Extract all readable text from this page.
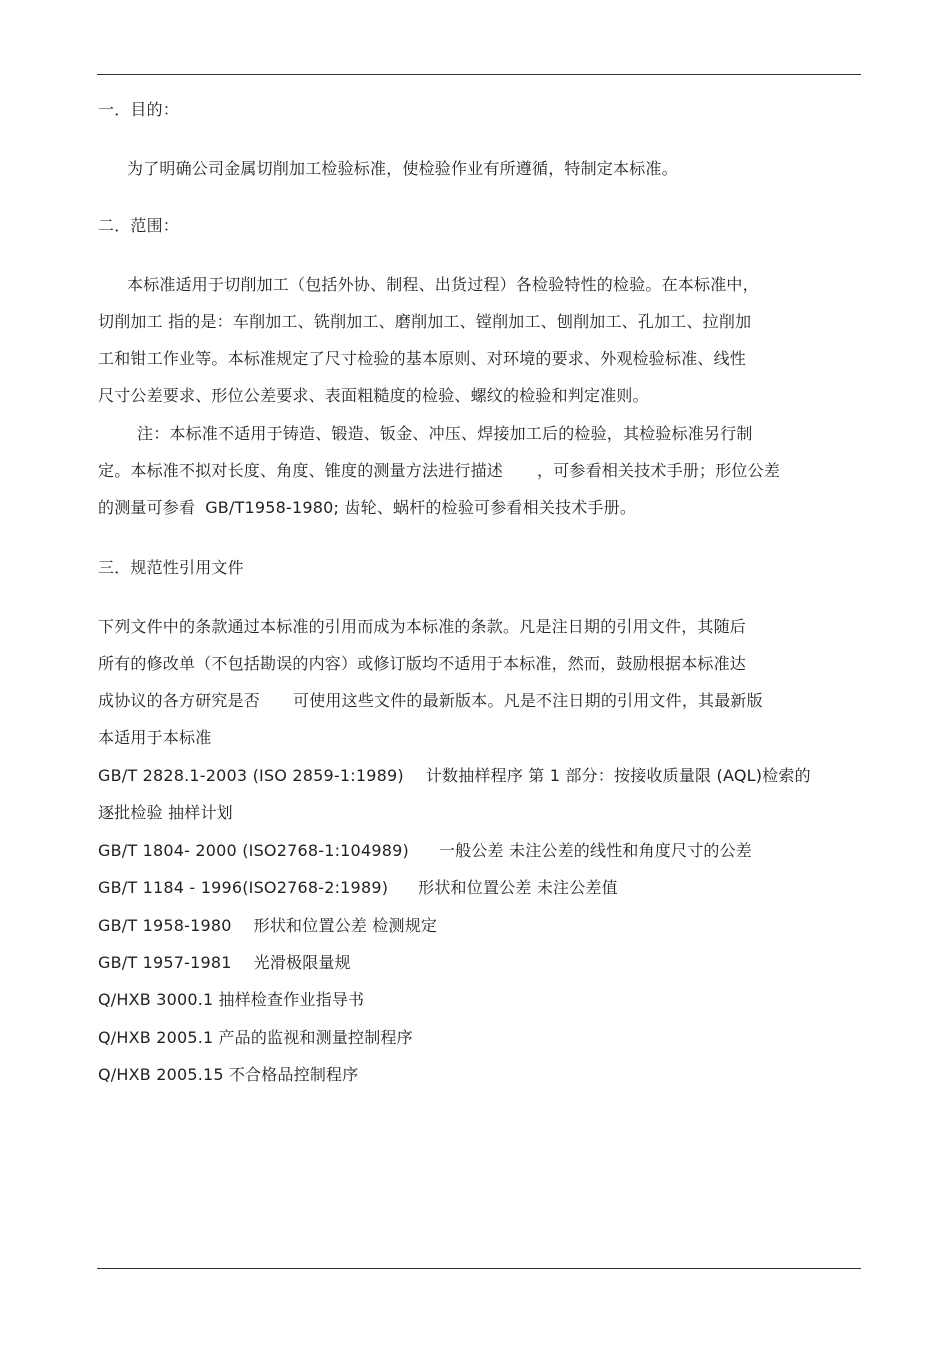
一．目的：
为了明确公司金属切削加工检验标准，使检验作业有所遵循，特制定本标准。
二．范围：
本标准适用于切削加工（包括外协、制程、出货过程）各检验特性的检验。在本标准中，
切削加工 指的是：车削加工、铣削加工、磨削加工、镗削加工、刨削加工、孔加工、拉削加
工和钳工作业等。本标准规定了尺寸检验的基本原则、对环境的要求、外观检验标准、线性
尺寸公差要求、形位公差要求、表面粗糙度的检验、螺纹的检验和判定准则。
注：本标准不适用于铸造、锻造、钣金、冲压、焊接加工后的检验，其检验标准另行制
定。本标准不拟对长度、角度、锥度的测量方法进行描述 ，可参看相关技术手册；形位公差
的测量可参看 GB/T1958-1980; 齿轮、蜗杆的检验可参看相关技术手册。
三．规范性引用文件
下列文件中的条款通过本标准的引用而成为本标准的条款。凡是注日期的引用文件，其随后
所有的修改单（不包括勘误的内容）或修订版均不适用于本标准，然而，鼓励根据本标准达
成协议的各方研究是否 可使用这些文件的最新版本。凡是不注日期的引用文件，其最新版
本适用于本标准
GB/T 2828.1-2003 (ISO 2859-1:1989) 计数抽样程序 第 1 部分：按接收质量限 (AQL)检索的
逐批检验 抽样计划
GB/T 1804- 2000 (ISO2768-1:104989) 一般公差 未注公差的线性和角度尺寸的公差
GB/T 1184 - 1996(ISO2768-2:1989) 形状和位置公差 未注公差值
GB/T 1958-1980 形状和位置公差 检测规定
GB/T 1957-1981 光滑极限量规
Q/HXB 3000.1 抽样检查作业指导书
Q/HXB 2005.1 产品的监视和测量控制程序
Q/HXB 2005.15 不合格品控制程序
